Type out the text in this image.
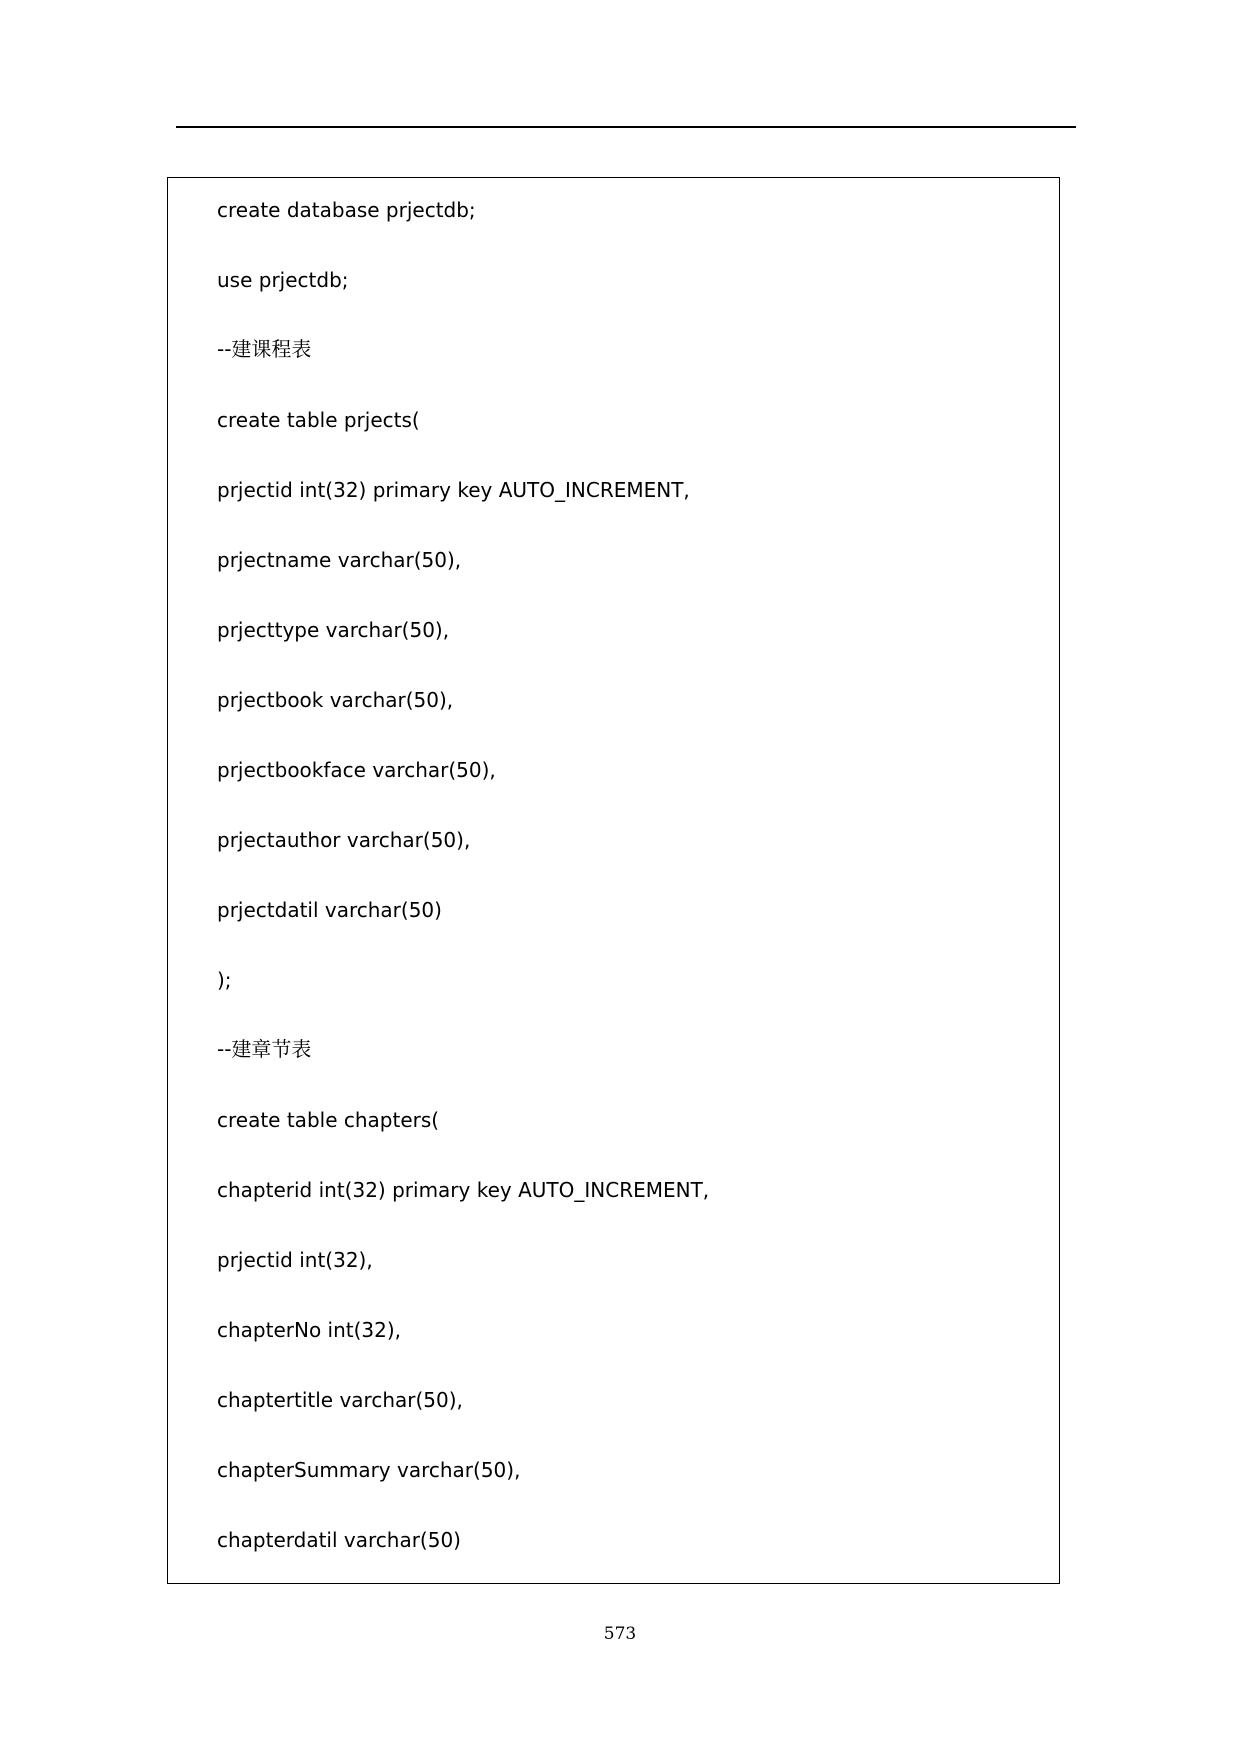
create database prjectdb;
use prjectdb;
--建课程表
create table prjects(
prjectid int(32) primary key AUTO_INCREMENT,
prjectname varchar(50),
prjecttype varchar(50),
prjectbook varchar(50),
prjectbookface varchar(50),
prjectauthor varchar(50),
prjectdatil varchar(50)
);
--建章节表
create table chapters(
chapterid int(32) primary key AUTO_INCREMENT,
prjectid int(32),
chapterNo int(32),
chaptertitle varchar(50),
chapterSummary varchar(50),
chapterdatil varchar(50)
573
